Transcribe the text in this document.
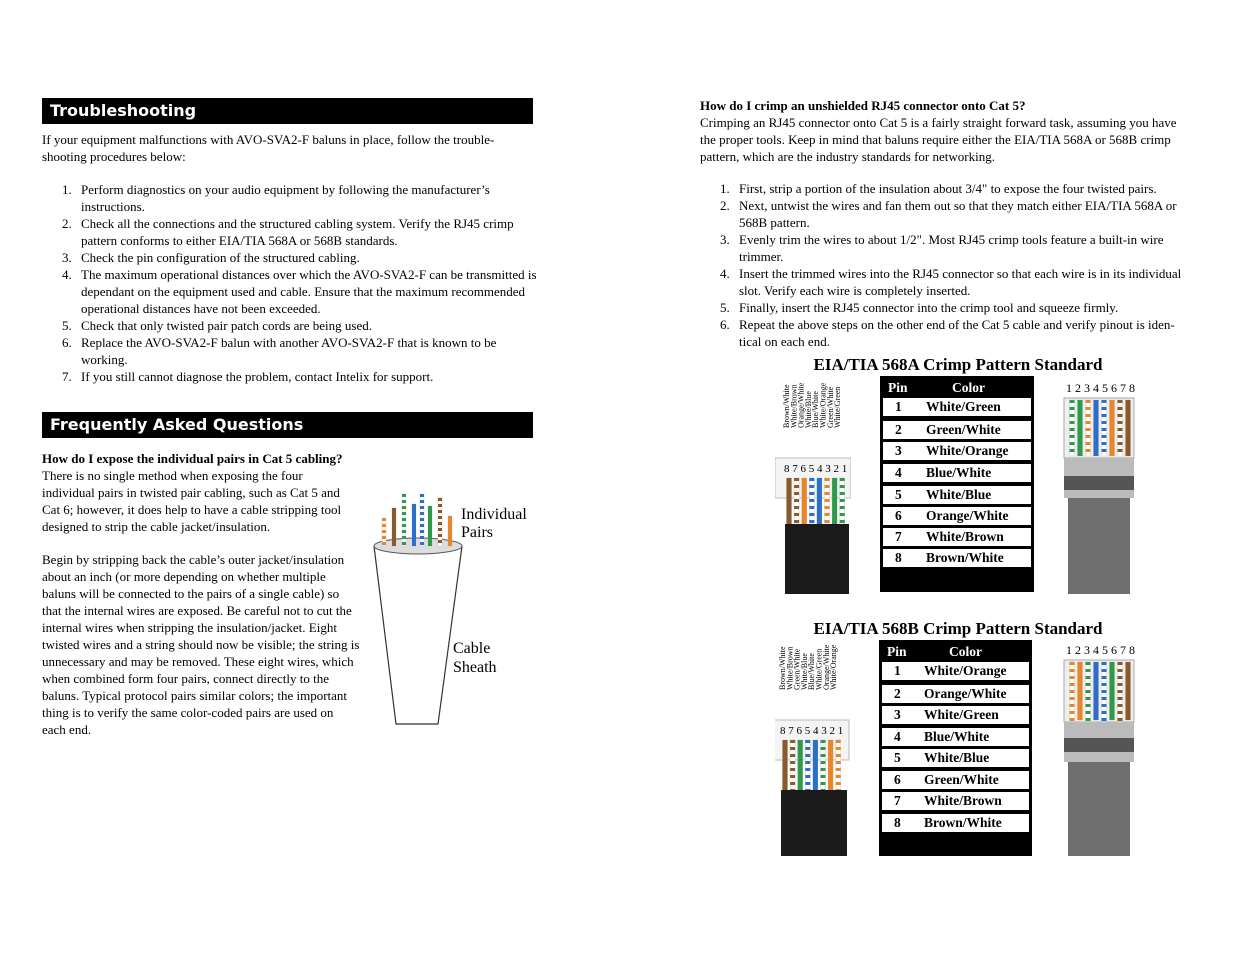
Troubleshooting
If your equipment malfunctions with AVO-SVA2-F baluns in place, follow the trouble-shooting procedures below:
1. Perform diagnostics on your audio equipment by following the manufacturer’s instructions.
2. Check all the connections and the structured cabling system. Verify the RJ45 crimp pattern conforms to either EIA/TIA 568A or 568B standards.
3. Check the pin configuration of the structured cabling.
4. The maximum operational distances over which the AVO-SVA2-F can be transmitted is dependant on the equipment used and cable. Ensure that the maximum recommended operational distances have not been exceeded.
5. Check that only twisted pair patch cords are being used.
6. Replace the AVO-SVA2-F balun with another AVO-SVA2-F that is known to be working.
7. If you still cannot diagnose the problem, contact Intelix for support.
Frequently Asked Questions
How do I expose the individual pairs in Cat 5 cabling?
There is no single method when exposing the four individual pairs in twisted pair cabling, such as Cat 5 and Cat 6; however, it does help to have a cable stripping tool designed to strip the cable jacket/insulation.
Begin by stripping back the cable’s outer jacket/insulation about an inch (or more depending on whether multiple baluns will be connected to the pairs of a single cable) so that the internal wires are exposed. Be careful not to cut the internal wires when stripping the insulation/jacket. Eight twisted wires and a string should now be visible; the string is unnecessary and may be removed. These eight wires, which when combined form four pairs, connect directly to the baluns. Typical protocol pairs similar colors; the important thing is to verify the same color-coded pairs are used on each end.
Individual
Pairs
Cable
Sheath
How do I crimp an unshielded RJ45 connector onto Cat 5?
Crimping an RJ45 connector onto Cat 5 is a fairly straight forward task, assuming you have the proper tools. Keep in mind that baluns require either the EIA/TIA 568A or 568B crimp pattern, which are the industry standards for networking.
1. First, strip a portion of the insulation about 3/4" to expose the four twisted pairs.
2. Next, untwist the wires and fan them out so that they match either EIA/TIA 568A or 568B pattern.
3. Evenly trim the wires to about 1/2". Most RJ45 crimp tools feature a built-in wire trimmer.
4. Insert the trimmed wires into the RJ45 connector so that each wire is in its individual slot. Verify each wire is completely inserted.
5. Finally, insert the RJ45 connector into the crimp tool and squeeze firmly.
6. Repeat the above steps on the other end of the Cat 5 cable and verify pinout is iden-tical on each end.
EIA/TIA 568A Crimp Pattern Standard
Brown/White
White/Brown
Orange/White
White/Blue
Blue/White
White/Orange
Green/White
White/Green
8 7 6 5 4 3 2 1
Pin	Color
1 White/Green
2 Green/White
3 White/Orange
4 Blue/White
5 White/Blue
6 Orange/White
7 White/Brown
8 Brown/White
1 2 3 4 5 6 7 8
EIA/TIA 568B Crimp Pattern Standard
Brown/White
White/Brown
Green/White
White/Blue
Blue/White
White/Green
Orange/White
White/Orange
8 7 6 5 4 3 2 1
Pin	Color
1 White/Orange
2 Orange/White
3 White/Green
4 Blue/White
5 White/Blue
6 Green/White
7 White/Brown
8 Brown/White
1 2 3 4 5 6 7 8
